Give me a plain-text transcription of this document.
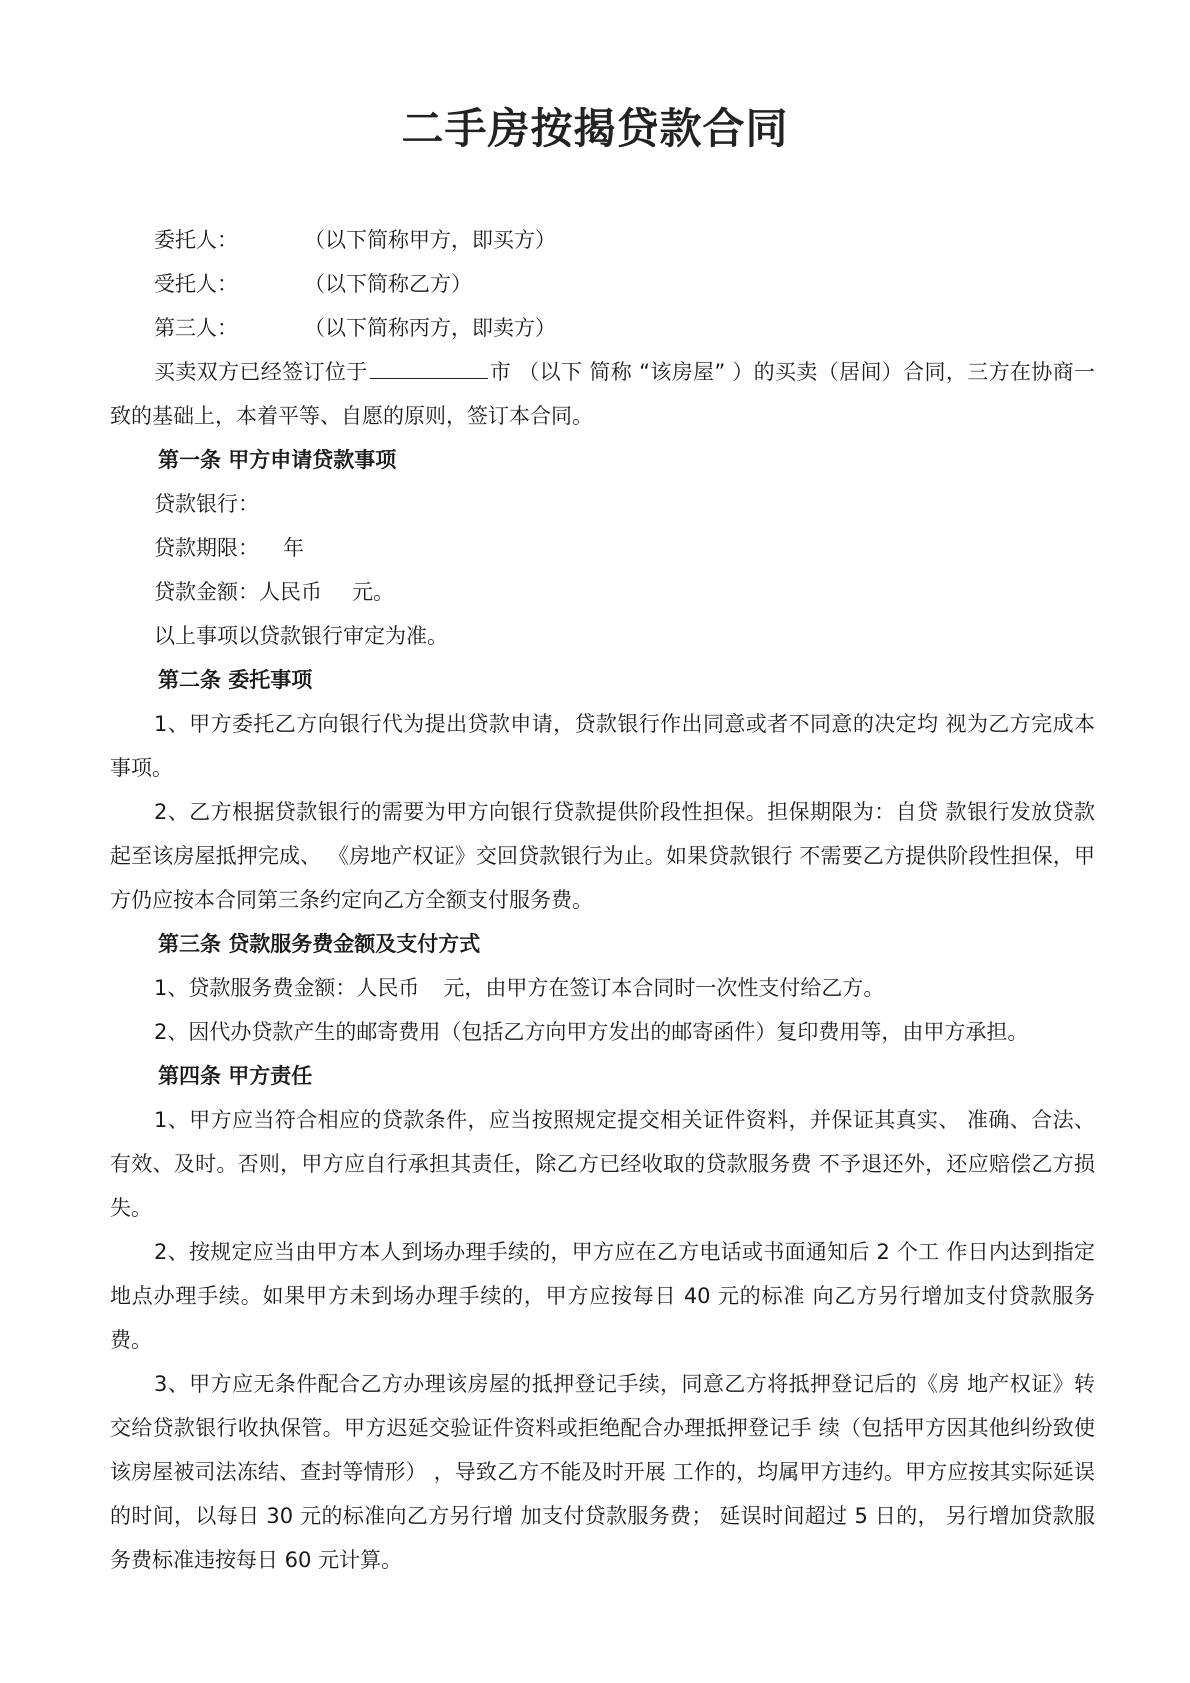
二手房按揭贷款合同
委托人：	（以下简称甲方，即买方）
受托人：	（以下简称乙方）
第三人：	（以下简称丙方，即卖方）
买卖双方已经签订位于	市 （以下 简称 “该房屋” ）的买卖（居间）合同，三方在协商一致的基础上，本着平等、自愿的原则，签订本合同。
第一条 甲方申请贷款事项
贷款银行：
贷款期限： 年
贷款金额：人民币 元。
以上事项以贷款银行审定为准。
第二条 委托事项
1、甲方委托乙方向银行代为提出贷款申请，贷款银行作出同意或者不同意的决定均 视为乙方完成本事项。
2、乙方根据贷款银行的需要为甲方向银行贷款提供阶段性担保。担保期限为：自贷 款银行发放贷款起至该房屋抵押完成、 《房地产权证》交回贷款银行为止。如果贷款银行 不需要乙方提供阶段性担保，甲方仍应按本合同第三条约定向乙方全额支付服务费。
第三条 贷款服务费金额及支付方式
1、贷款服务费金额：人民币 元，由甲方在签订本合同时一次性支付给乙方。
2、因代办贷款产生的邮寄费用（包括乙方向甲方发出的邮寄函件）复印费用等，由甲方承担。
第四条 甲方责任
1、甲方应当符合相应的贷款条件，应当按照规定提交相关证件资料，并保证其真实、 准确、合法、有效、及时。否则，甲方应自行承担其责任，除乙方已经收取的贷款服务费 不予退还外，还应赔偿乙方损失。
2、按规定应当由甲方本人到场办理手续的，甲方应在乙方电话或书面通知后 2 个工 作日内达到指定地点办理手续。如果甲方未到场办理手续的，甲方应按每日 40 元的标准 向乙方另行增加支付贷款服务费。
3、甲方应无条件配合乙方办理该房屋的抵押登记手续，同意乙方将抵押登记后的《房 地产权证》转交给贷款银行收执保管。甲方迟延交验证件资料或拒绝配合办理抵押登记手 续（包括甲方因其他纠纷致使该房屋被司法冻结、查封等情形） ，导致乙方不能及时开展 工作的，均属甲方违约。甲方应按其实际延误的时间，以每日 30 元的标准向乙方另行增 加支付贷款服务费； 延误时间超过 5 日的， 另行增加贷款服务费标准违按每日 60 元计算。
